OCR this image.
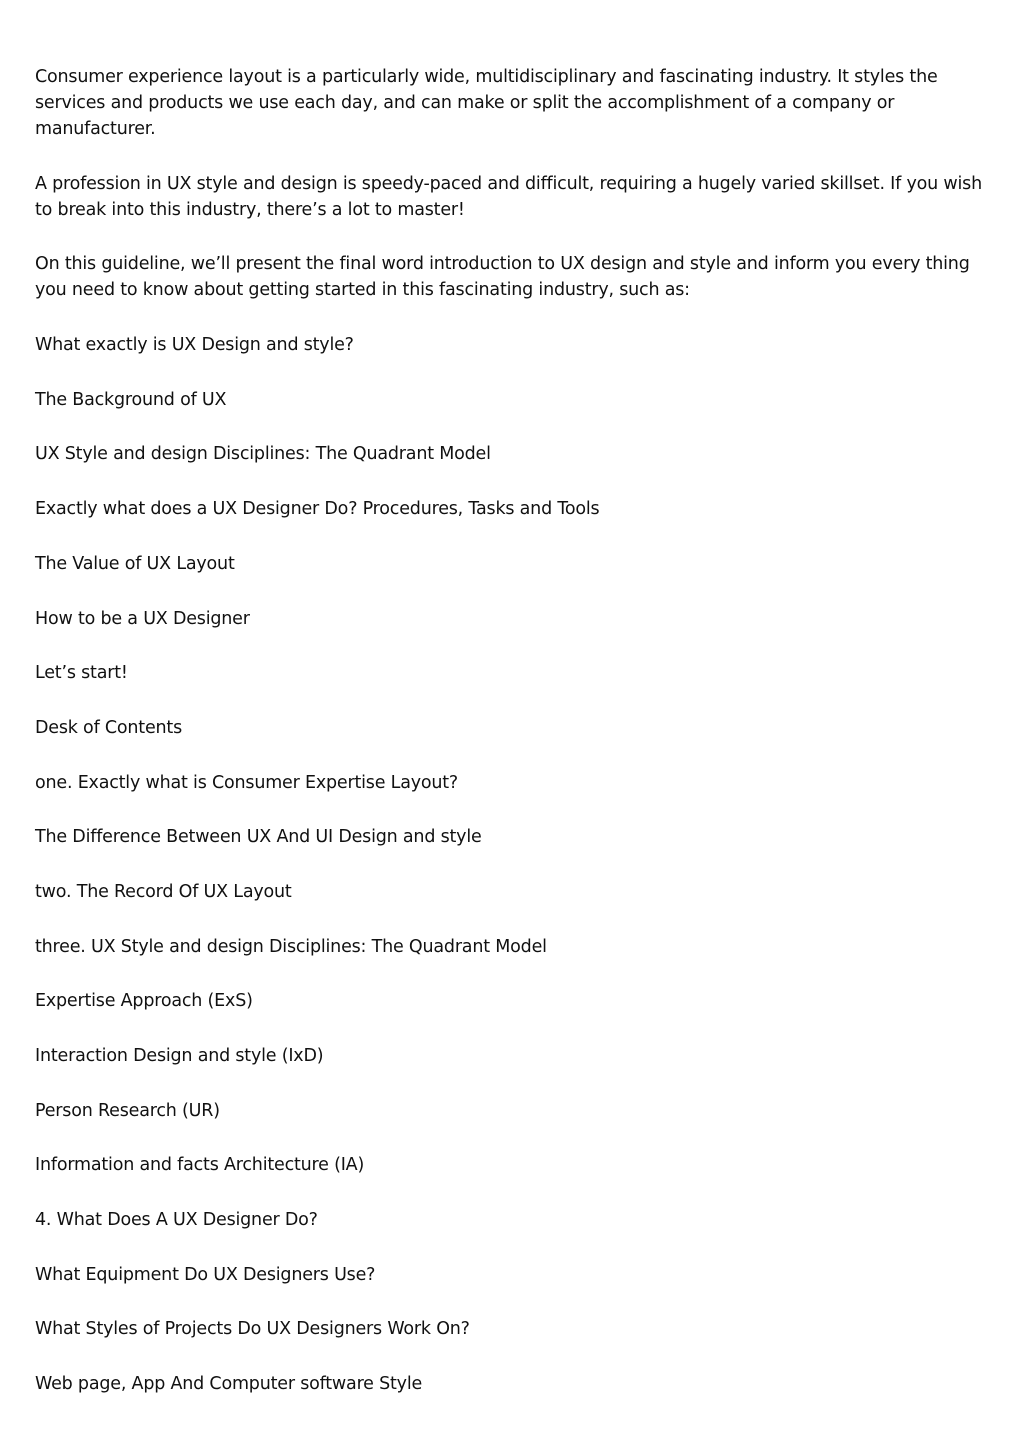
Consumer experience layout is a particularly wide, multidisciplinary and fascinating industry. It styles the services and products we use each day, and can make or split the accomplishment of a company or manufacturer.

A profession in UX style and design is speedy-paced and difficult, requiring a hugely varied skillset. If you wish to break into this industry, there’s a lot to master!

On this guideline, we’ll present the final word introduction to UX design and style and inform you every thing you need to know about getting started in this fascinating industry, such as:

What exactly is UX Design and style?

The Background of UX

UX Style and design Disciplines: The Quadrant Model

Exactly what does a UX Designer Do? Procedures, Tasks and Tools

The Value of UX Layout

How to be a UX Designer

Let’s start!

Desk of Contents

one. Exactly what is Consumer Expertise Layout?

The Difference Between UX And UI Design and style

two. The Record Of UX Layout

three. UX Style and design Disciplines: The Quadrant Model

Expertise Approach (ExS)

Interaction Design and style (IxD)

Person Research (UR)

Information and facts Architecture (IA)

4. What Does A UX Designer Do?

What Equipment Do UX Designers Use?

What Styles of Projects Do UX Designers Work On?

Web page, App And Computer software Style
